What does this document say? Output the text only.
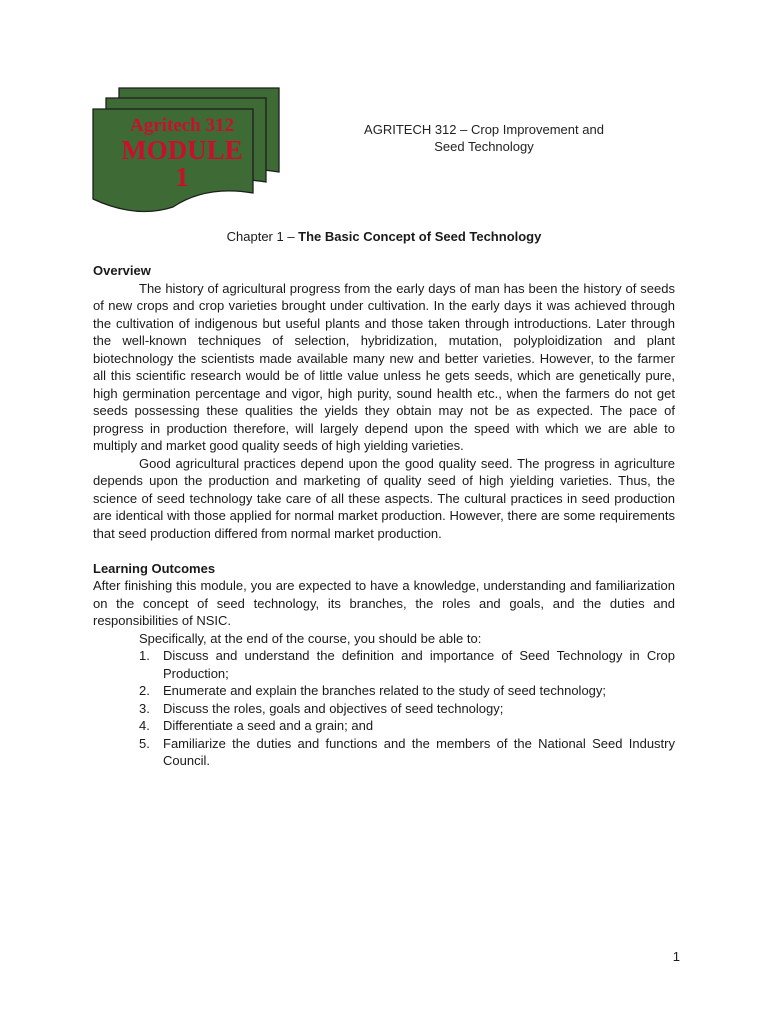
Agritech 312
MODULE
1
AGRITECH 312 – Crop Improvement and
Seed Technology
Chapter 1 – The Basic Concept of Seed Technology

Overview

The history of agricultural progress from the early days of man has been the history of seeds of new crops and crop varieties brought under cultivation. In the early days it was achieved through the cultivation of indigenous but useful plants and those taken through introductions. Later through the well-known techniques of selection, hybridization, mutation, polyploidization and plant biotechnology the scientists made available many new and better varieties. However, to the farmer all this scientific research would be of little value unless he gets seeds, which are genetically pure, high germination percentage and vigor, high purity, sound health etc., when the farmers do not get seeds possessing these qualities the yields they obtain may not be as expected. The pace of progress in production therefore, will largely depend upon the speed with which we are able to multiply and market good quality seeds of high yielding varieties.

Good agricultural practices depend upon the good quality seed. The progress in agriculture depends upon the production and marketing of quality seed of high yielding varieties. Thus, the science of seed technology take care of all these aspects. The cultural practices in seed production are identical with those applied for normal market production. However, there are some requirements that seed production differed from normal market production.

Learning Outcomes

After finishing this module, you are expected to have a knowledge, understanding and familiarization on the concept of seed technology, its branches, the roles and goals, and the duties and responsibilities of NSIC.

Specifically, at the end of the course, you should be able to:

1. Discuss and understand the definition and importance of Seed Technology in Crop Production;
2. Enumerate and explain the branches related to the study of seed technology;
3. Discuss the roles, goals and objectives of seed technology;
4. Differentiate a seed and a grain; and
5. Familiarize the duties and functions and the members of the National Seed Industry Council.
1
